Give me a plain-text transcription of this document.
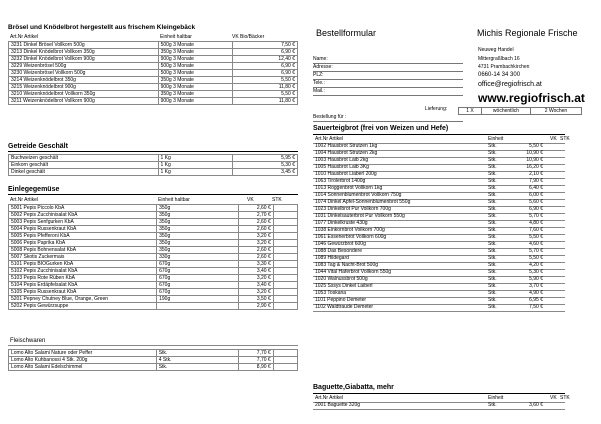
Brösel und Knödelbrot hergestellt aus frischem Kleingebäck
Art.Nr Artikel	Einheit haltbar	VK Bio/Bäcker
3231 Dinkel Brösel Vollkorn 500g	500g 3 Monate	7,50 €
3213 Dinkel Knödelbrot Vollkorn 350g	350g 3 Monate	6,90 €
3232 Dinkel Knödelbrot Vollkorn 900g	900g 3 Monate	12,40 €
3229 Weizenbrösel 500g	500g 3 Monate	6,90 €
3230 Weizenbrösel Vollkorn 500g	500g 3 Monate	6,90 €
3214 Weizenknödelbrot 350g	350g 3 Monate	5,50 €
3215 Weizenknödelbrot 900g	900g 3 Monate	11,80 €
3210 Weizenknödelbrot Vollkorn 350g	350g 3 Monate	5,50 €
3211 Weizenknödelbrot Vollkorn 900g	900g 3 Monate	11,80 €
Getreide Geschält
Buchweizen geschält	1 Kg	5,95 €
Einkorn geschält	1 Kg	5,30 €
Dinkel geschält	1 Kg	3,45 €
Einlegegemüse
Art.Nr Artikel	Einheit haltbar	VK	STK
5001 Pepis Piccolo KbA	350g	2,60 €	
5002 Pepis Zucchinisalat KbA	350g	2,70 €	
5003 Pepis Senfgurken KbA	350g	2,60 €	
5004 Pepis Russenkraut KbA	350g	2,60 €	
5005 Pepis Pfefferoni KbA	350g	3,20 €	
5006 Pepis Paprika KbA	350g	3,20 €	
5008 Pepis Bohnensalat KbA	350g	2,60 €	
5007 Skotis Zuckermais	330g	2,60 €	
5101 Pepis BIOGurken KbA	670g	3,30 €	
5102 Pepis Zucchinisalat KbA	670g	3,40 €	
5103 Pepis Rote Rüben KbA	670g	3,20 €	
5104 Pepis Erdäpfelsalat KbA	670g	3,40 €	
5105 Pepis Russenkraut KbA	670g	3,20 €	
5201 Pepney Chutney Blue, Orange, Green	190g	3,50 €	
5202 Pepis Gewürzsuppe		2,90 €	
Fleischwaren
Lomo Alto Salami Nature oder Peffer	Stk.	7,70 €	
Lomo Alto Kuhbanossi 4 Stk. 200g	4 Stk.	7,70 €	
Lomo Alto Salami Edelschimmel	Stk.	8,90 €	
Bestellformular	Michis Regionale Frische
Name:
Adresse:
PLZ:
Tele.:
Mail.:
Neuweg Handel
Mittergraßlbach 16
4731 Prambachkirchen
0660-14 34 300
office@regiofrisch.at
www.regiofrisch.at
Lieferung:	1 X	wöchentlich	2 Wochen
Bestellung für :
Sauerteigbrot (frei von Weizen und Hefe)
Art.Nr Artikel	Einheit	VK STK
1002 Hausbrot Strutzen 1kg	Stk.	5,50 €
1004 Hausbrot Strutzen 2kg	Stk.	10,90 €
1003 Hausbrot Laib 2kg	Stk.	10,90 €
1005 Hausbrot Laib 3Kg	Stk.	16,20 €
1010 Hausbrot Liaberl 200g	Stk.	2,10 €
1063 Tirolerbrot 1400g	Stk.	7,90 €
1013 Roggenbrot Vollkorn 1kg	Stk.	6,40 €
1014 Sonnenblumenbrot Vollkorn 750g	Stk.	6,00 €
1074 Dinkel Apfel-Sonnenblumenbrot 550g	Stk.	5,60 €
1023 Dinkelbrot Pur Vollkorn 700g	Stk.	6,90 €
1031 Dinkelsauterbrot Pur Vollkorn 550g	Stk.	5,70 €
1077 Dinkelkruste 430g	Stk.	4,80 €
1038 Einkornbrot Vollkorn 700g	Stk.	7,60 €
1061 Essenerbrot Vollkorn 600g	Stk.	5,50 €
1046 Gewürzbrot 600g	Stk.	4,60 €
1088 Das Besondere	Stk.	5,70 €
1089 Hildegard	Stk.	5,50 €
1083 Tag & Nacht-Brot 500g	Stk.	4,20 €
1044 Vital Haferbrot Vollkorn 550g	Stk.	5,30 €
1020 Walnussbrot 500g	Stk.	5,90 €
1025 Sssys Dinkel Laiberl	Stk.	3,70 €
1053 Toskana	Stk.	4,90 €
1101 Peppino Demeter	Stk.	6,95 €
1102 Waldtraude Demeter	Stk.	7,50 €
Baguette,Giabatta, mehr
Art.Nr Artikel	Einheit	VK STK
2001 Baguette 320g	Stk.	3,60 €
